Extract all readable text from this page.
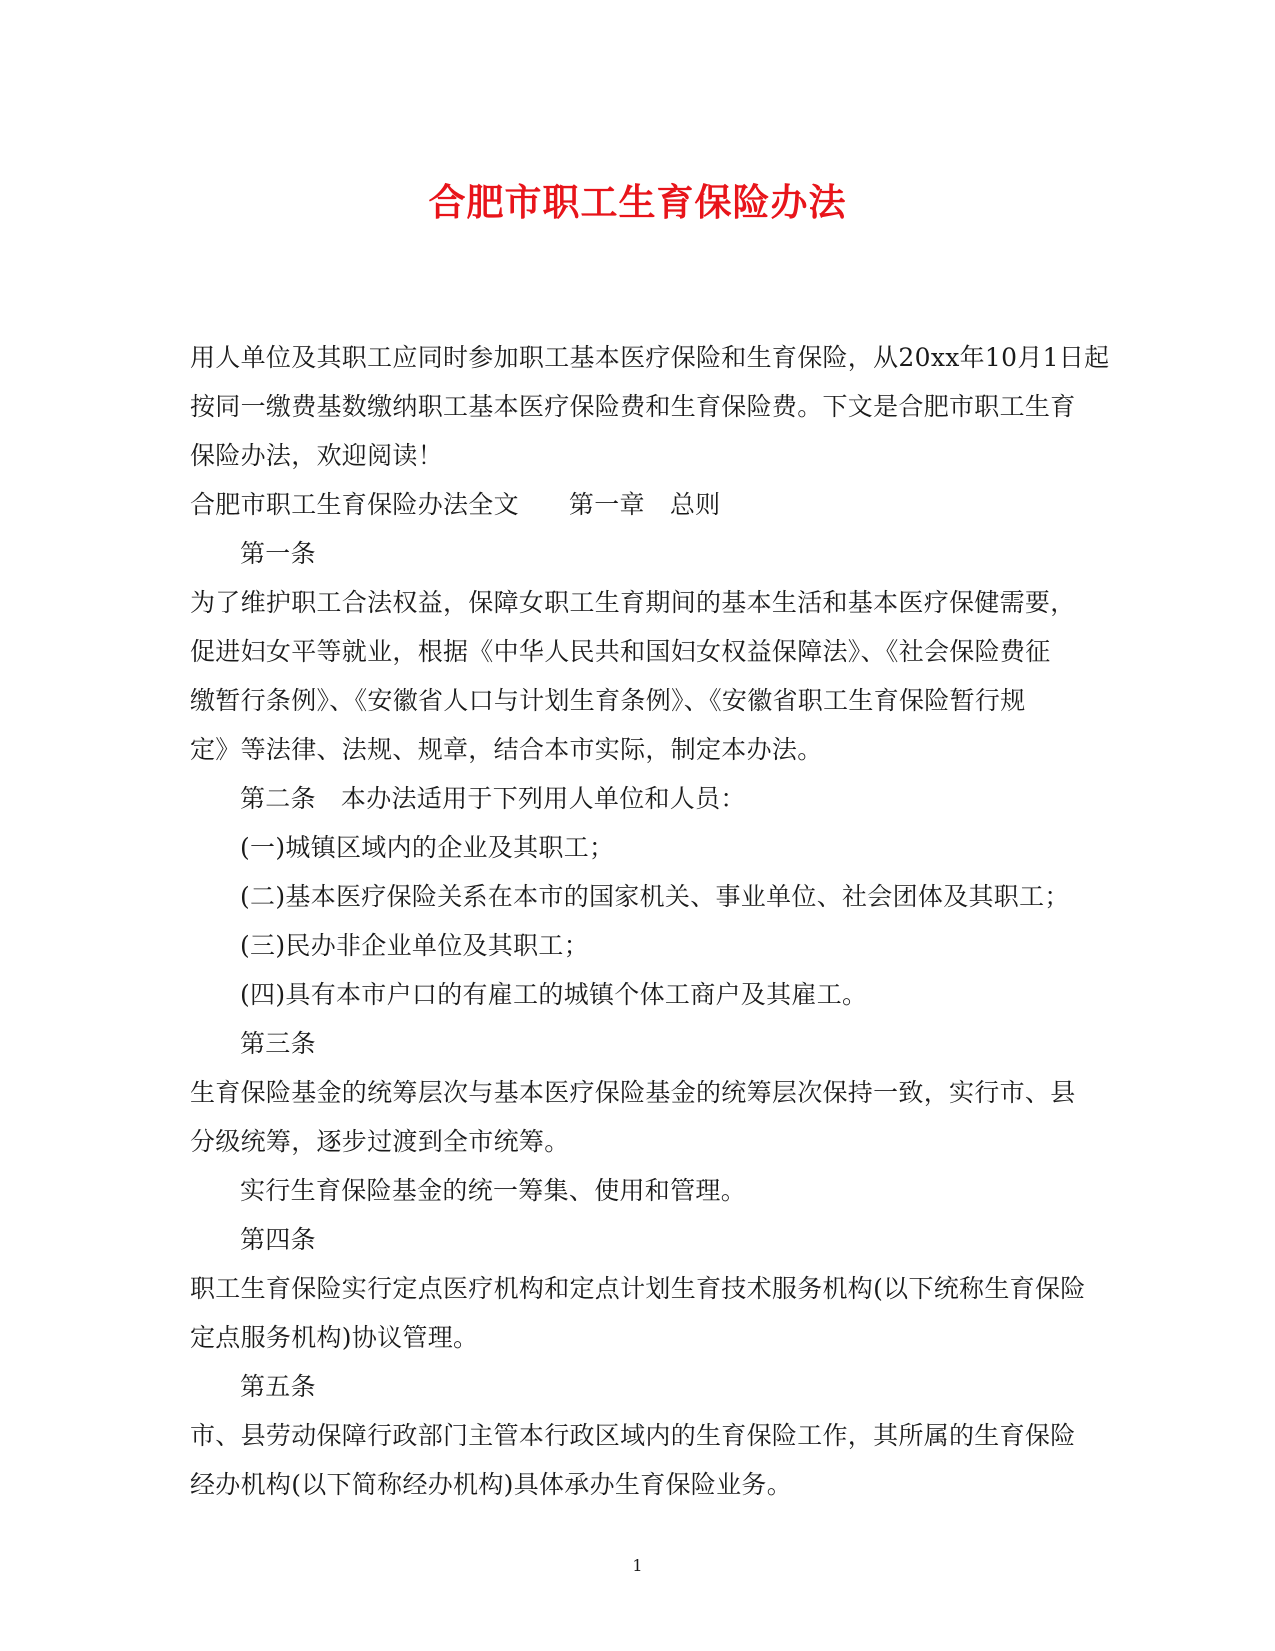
合肥市职工生育保险办法
用人单位及其职工应同时参加职工基本医疗保险和生育保险，从20xx年10月1日起
按同一缴费基数缴纳职工基本医疗保险费和生育保险费。下文是合肥市职工生育
保险办法，欢迎阅读！
合肥市职工生育保险办法全文 第一章 总则
第一条
为了维护职工合法权益，保障女职工生育期间的基本生活和基本医疗保健需要，
促进妇女平等就业，根据《中华人民共和国妇女权益保障法》、《社会保险费征
缴暂行条例》、《安徽省人口与计划生育条例》、《安徽省职工生育保险暂行规
定》等法律、法规、规章，结合本市实际，制定本办法。
第二条 本办法适用于下列用人单位和人员：
(一)城镇区域内的企业及其职工；
(二)基本医疗保险关系在本市的国家机关、事业单位、社会团体及其职工；
(三)民办非企业单位及其职工；
(四)具有本市户口的有雇工的城镇个体工商户及其雇工。
第三条
生育保险基金的统筹层次与基本医疗保险基金的统筹层次保持一致，实行市、县
分级统筹，逐步过渡到全市统筹。
实行生育保险基金的统一筹集、使用和管理。
第四条
职工生育保险实行定点医疗机构和定点计划生育技术服务机构(以下统称生育保险
定点服务机构)协议管理。
第五条
市、县劳动保障行政部门主管本行政区域内的生育保险工作，其所属的生育保险
经办机构(以下简称经办机构)具体承办生育保险业务。
1
